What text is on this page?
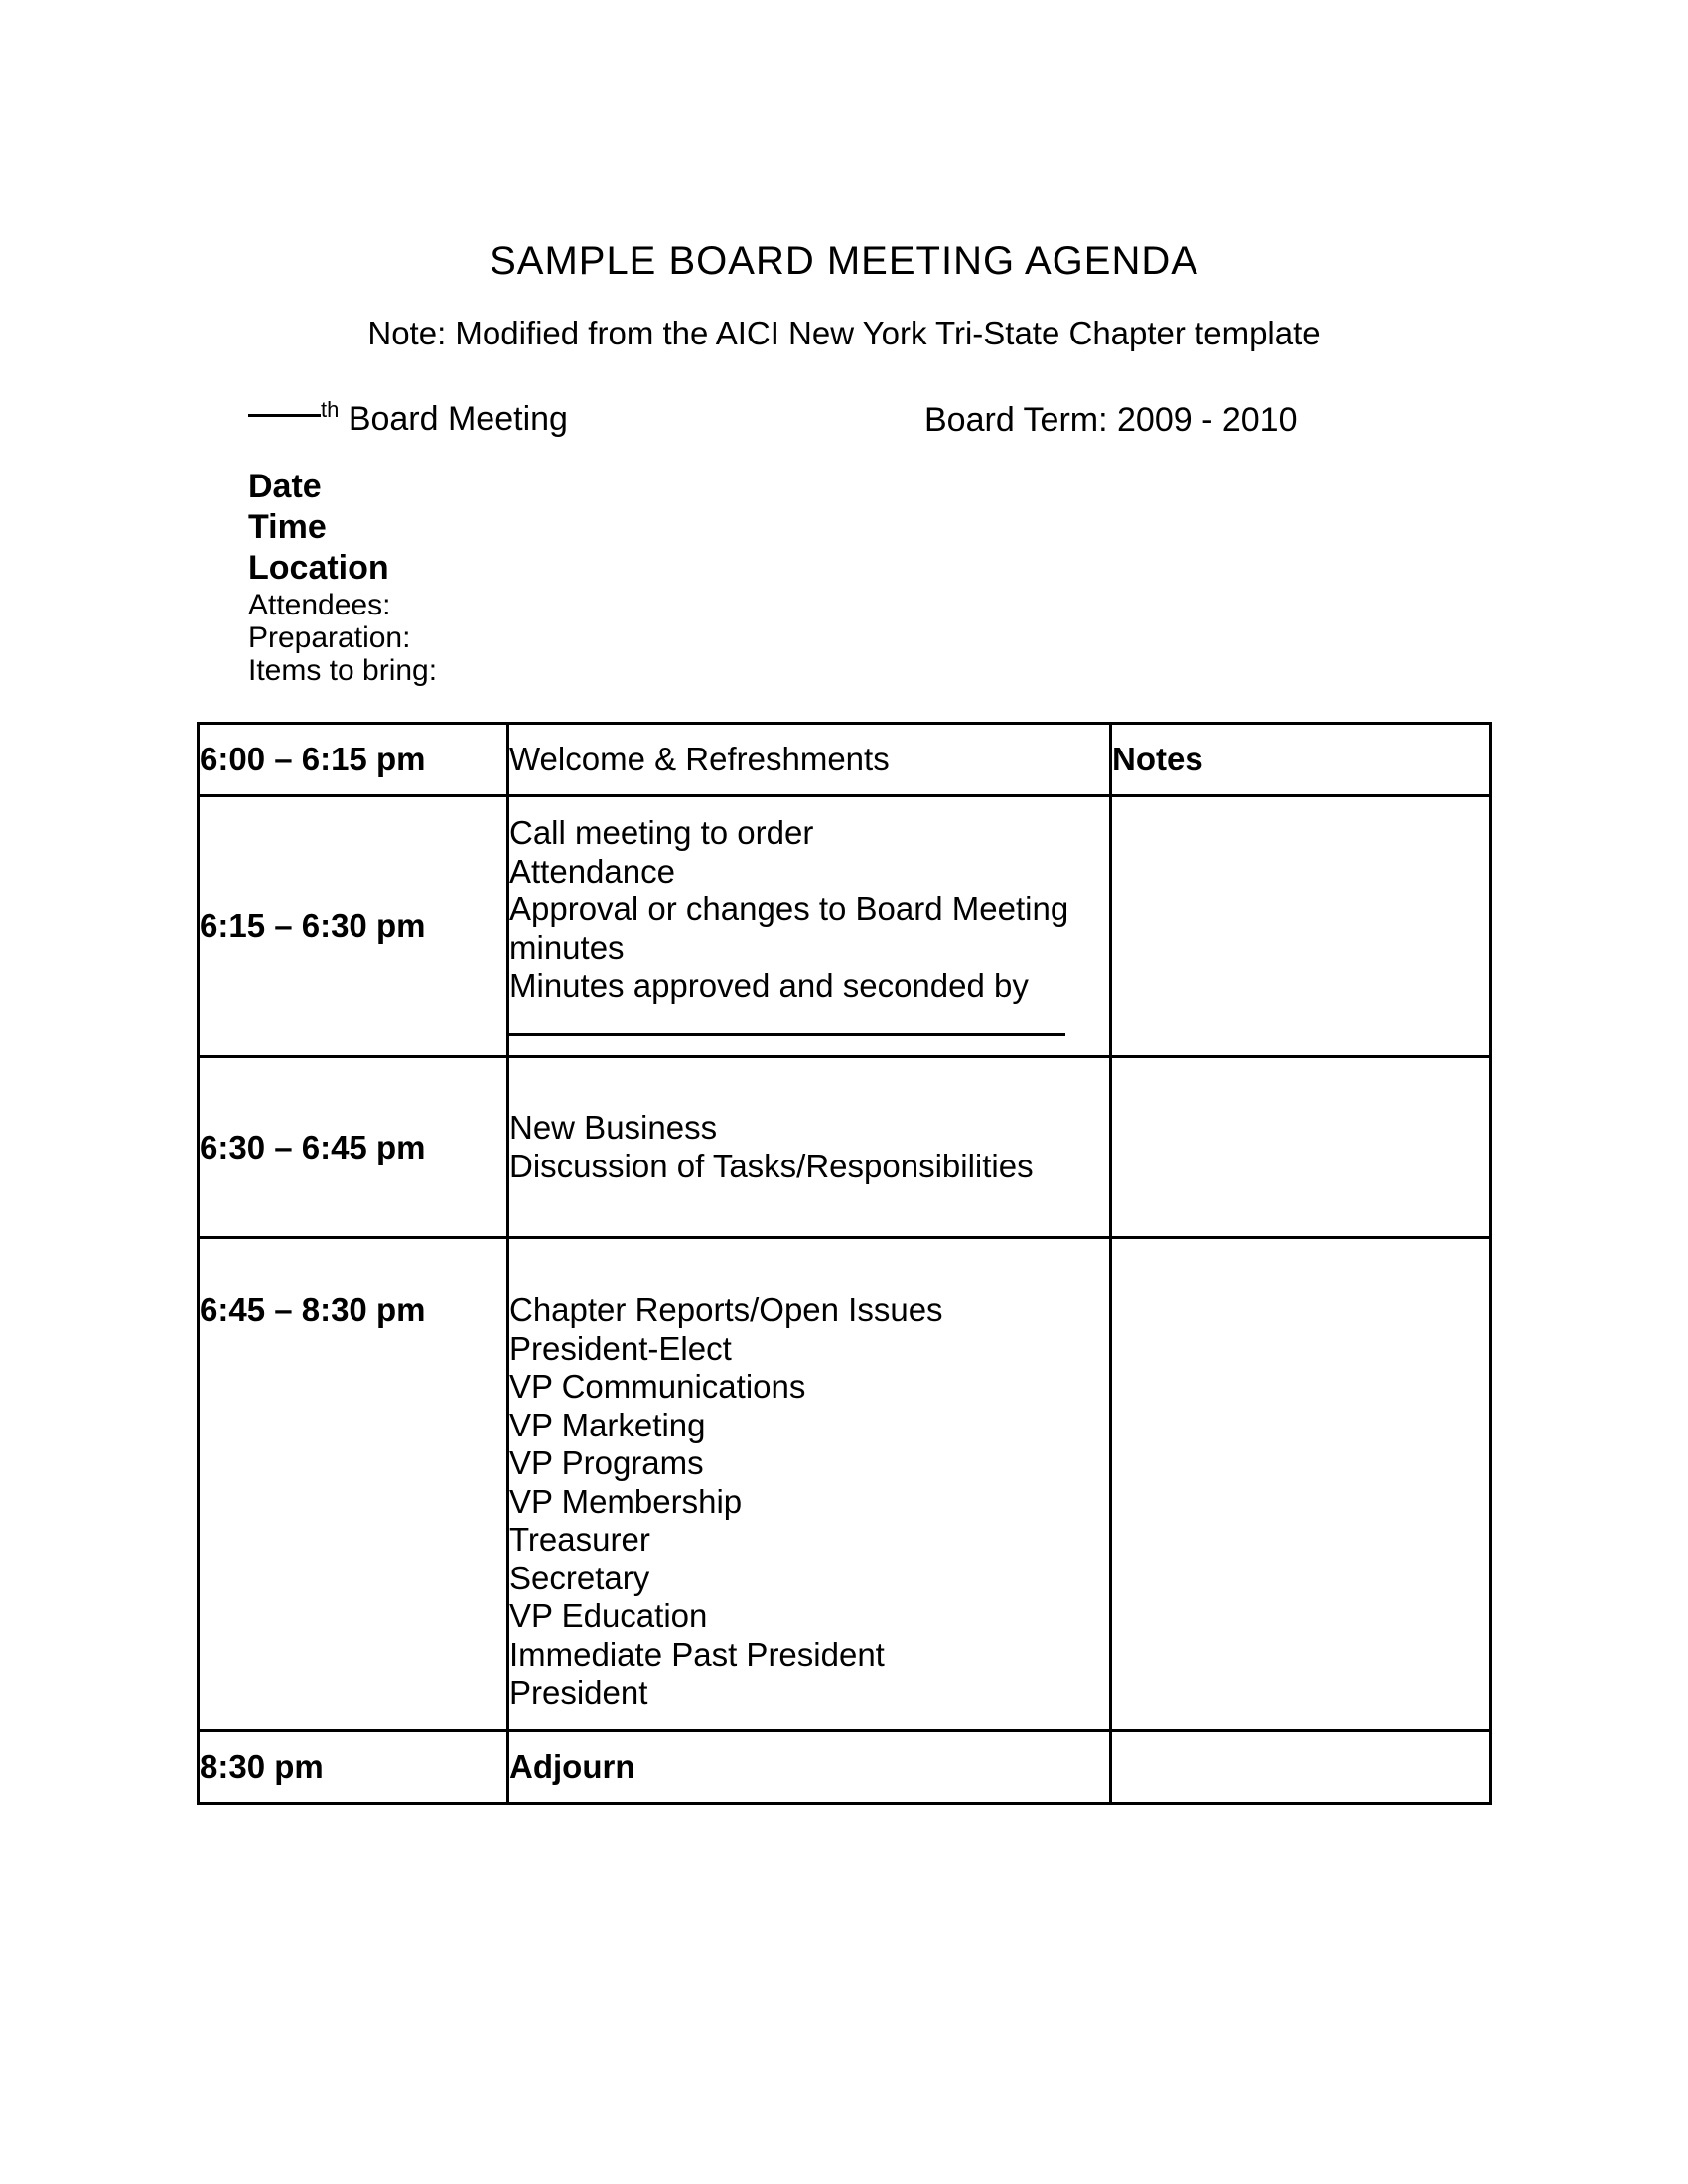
SAMPLE BOARD MEETING AGENDA
Note: Modified from the AICI New York Tri-State Chapter template
th Board Meeting	Board Term: 2009 - 2010
Date
Time
Location
Attendees:
Preparation:
Items to bring:
6:00 – 6:15 pm	Welcome & Refreshments	Notes
6:15 – 6:30 pm	Call meeting to order
Attendance
Approval or changes to Board Meeting
minutes
Minutes approved and seconded by	

6:30 – 6:45 pm	New Business
Discussion of Tasks/Responsibilities	

6:45 – 8:30 pm	Chapter Reports/Open Issues
President-Elect
VP Communications
VP Marketing
VP Programs
VP Membership
Treasurer
Secretary
VP Education
Immediate Past President
President

8:30 pm	Adjourn	
